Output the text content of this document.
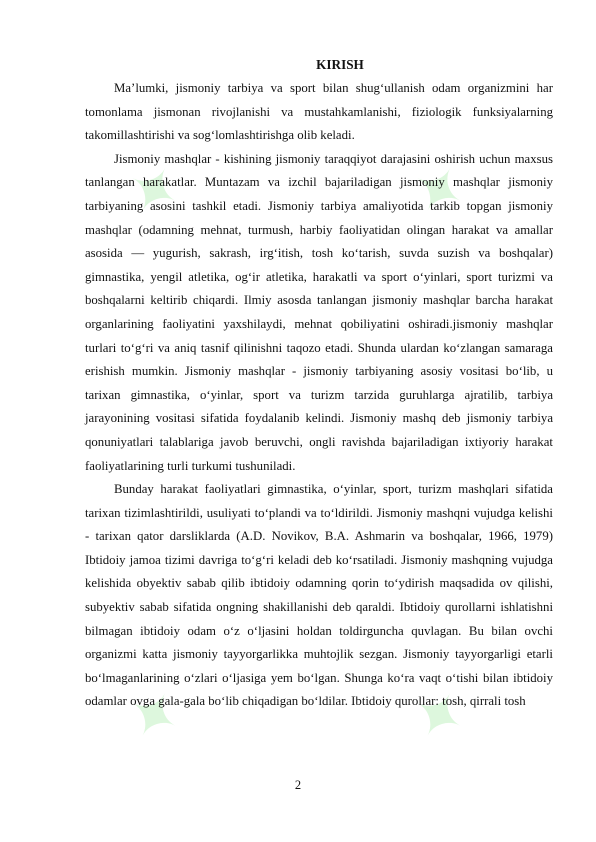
✦	✦
✦	✦
KIRISH

Ma’lumki, jismoniy tarbiya va sport bilan shug‘ullanish odam organizmini har tomonlama jismonan rivojlanishi va mustahkamlanishi, fiziologik funksiyalarning takomillashtirishi va sog‘lomlashtirishga olib keladi.

Jismoniy mashqlar - kishining jismoniy taraqqiyot darajasini oshirish uchun maxsus tanlangan harakatlar. Muntazam va izchil bajariladigan jismoniy mashqlar jismoniy tarbiyaning asosini tashkil etadi. Jismoniy tarbiya amaliyotida tarkib topgan jismoniy mashqlar (odamning mehnat, turmush, harbiy faoliyatidan olingan harakat va amallar asosida — yugurish, sakrash, irg‘itish, tosh ko‘tarish, suvda suzish va boshqalar) gimnastika, yengil atletika, og‘ir atletika, harakatli va sport o‘yinlari, sport turizmi va boshqalarni keltirib chiqardi. Ilmiy asosda tanlangan jismoniy mashqlar barcha harakat organlarining faoliyatini yaxshilaydi, mehnat qobiliyatini oshiradi.jismoniy mashqlar turlari to‘g‘ri va aniq tasnif qilinishni taqozo etadi. Shunda ulardan ko‘zlangan samaraga erishish mumkin. Jismoniy mashqlar - jismoniy tarbiyaning asosiy vositasi bo‘lib, u tarixan gimnastika, o‘yinlar, sport va turizm tarzida guruhlarga ajratilib, tarbiya jarayonining vositasi sifatida foydalanib kelindi. Jismoniy mashq deb jismoniy tarbiya qonuniyatlari talablariga javob beruvchi, ongli ravishda bajariladigan ixtiyoriy harakat faoliyatlarining turli turkumi tushuniladi.

Bunday harakat faoliyatlari gimnastika, o‘yinlar, sport, turizm mashqlari sifatida tarixan tizimlashtirildi, usuliyati to‘plandi va to‘ldirildi. Jismoniy mashqni vujudga kelishi - tarixan qator darsliklarda (A.D. Novikov, B.A. Ashmarin va boshqalar, 1966, 1979) Ibtidoiy jamoa tizimi davriga to‘g‘ri keladi deb ko‘rsatiladi. Jismoniy mashqning vujudga kelishida obyektiv sabab qilib ibtidoiy odamning qorin to‘ydirish maqsadida ov qilishi, subyektiv sabab sifatida ongning shakillanishi deb qaraldi. Ibtidoiy qurollarni ishlatishni bilmagan ibtidoiy odam o‘z o‘ljasini holdan toldirguncha quvlagan. Bu bilan ovchi organizmi katta jismoniy tayyorgarlikka muhtojlik sezgan. Jismoniy tayyorgarligi etarli bo‘lmaganlarining o‘zlari o‘ljasiga yem bo‘lgan. Shunga ko‘ra vaqt o‘tishi bilan ibtidoiy odamlar ovga gala-gala bo‘lib chiqadigan bo‘ldilar. Ibtidoiy qurollar: tosh, qirrali tosh

2
